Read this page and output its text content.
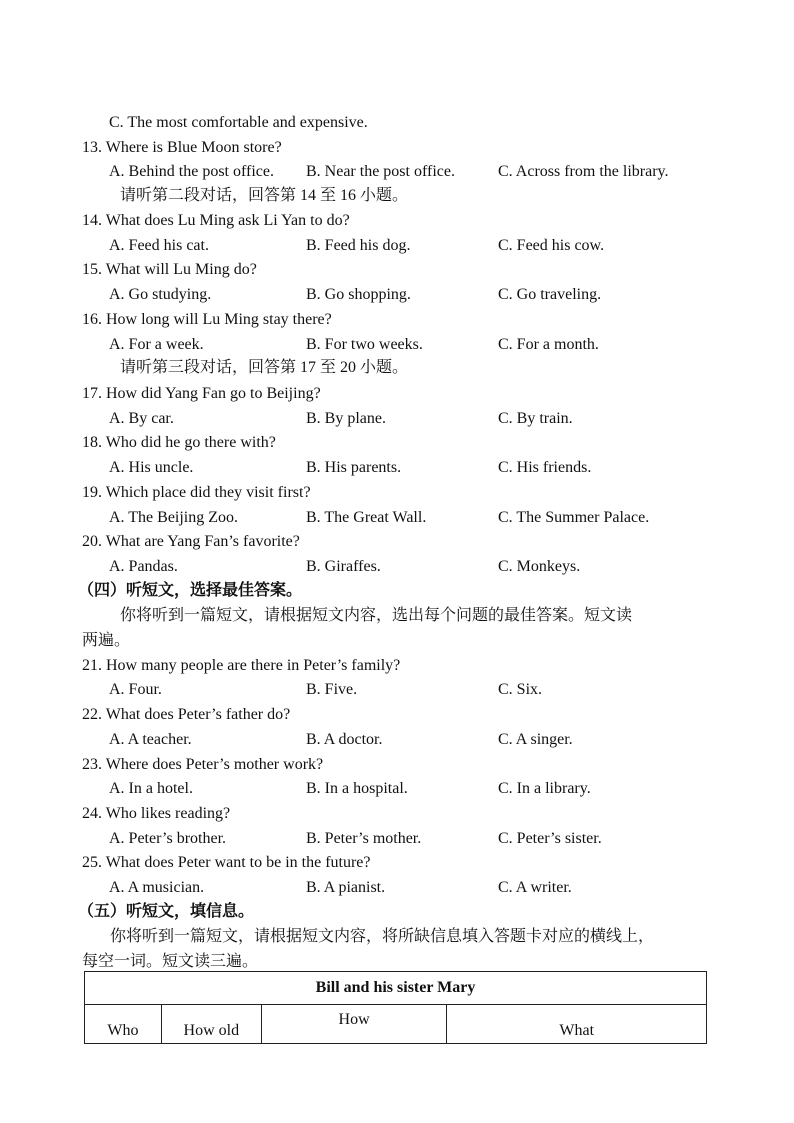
C. The most comfortable and expensive.
13. Where is Blue Moon store?
请听第二段对话，回答第 14 至 16 小题。
14. What does Lu Ming ask Li Yan to do?
15. What will Lu Ming do?
16. How long will Lu Ming stay there?
请听第三段对话，回答第 17 至 20 小题。
17. How did Yang Fan go to Beijing?
18. Who did he go there with?
19. Which place did they visit first?
20. What are Yang Fan’s favorite?
（四）听短文，选择最佳答案。
你将听到一篇短文，请根据短文内容，选出每个问题的最佳答案。短文读
两遍。
21. How many people are there in Peter’s family?
22. What does Peter’s father do?
23. Where does Peter’s mother work?
24. Who likes reading?
25. What does Peter want to be in the future?
（五）听短文，填信息。
你将听到一篇短文，请根据短文内容，将所缺信息填入答题卡对应的横线上，
每空一词。短文读三遍。
A. Behind the post office. B. Near the post office.	C. Across from the library.
A. Feed his cat.	B. Feed his dog.	C. Feed his cow.
A. Go studying.	B. Go shopping.	C. Go traveling.
A. For a week.	B. For two weeks.	C. For a month.
A. By car.	B. By plane.	C. By train.
A. His uncle.	B. His parents.	C. His friends.
A. The Beijing Zoo.	B. The Great Wall.	C. The Summer Palace.
A. Pandas.	B. Giraffes.	C. Monkeys.
A. Four.	B. Five.	C. Six.
A. A teacher.	B. A doctor.	C. A singer.
A. In a hotel.	B. In a hospital.	C. In a library.
A. Peter’s brother.	B. Peter’s mother.	C. Peter’s sister.
A. A musician.	B. A pianist.	C. A writer.
Bill and his sister Mary
Who	How old	How	What
